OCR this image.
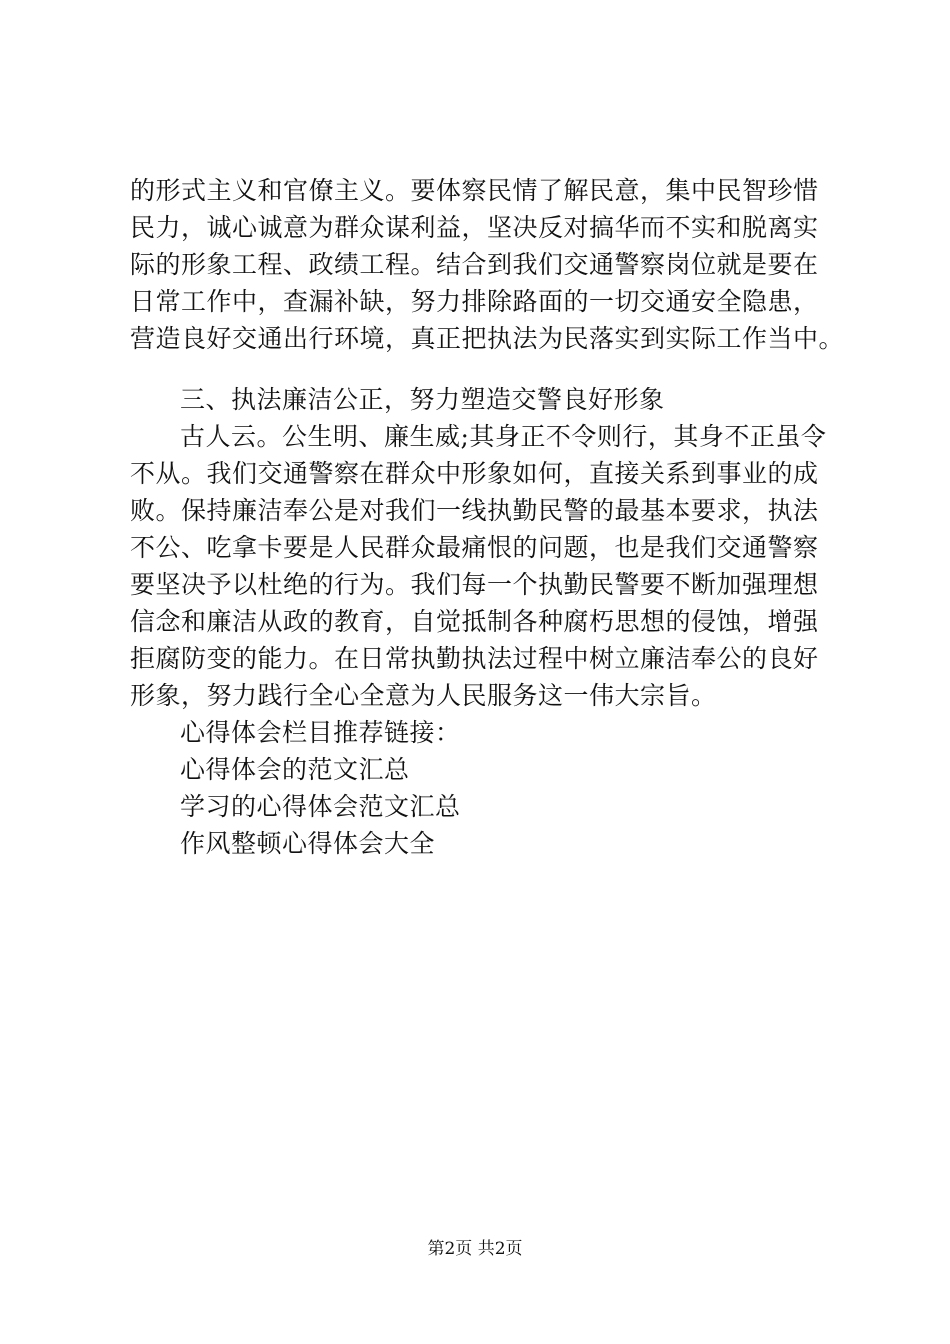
的形式主义和官僚主义。要体察民情了解民意，集中民智珍惜
民力，诚心诚意为群众谋利益，坚决反对搞华而不实和脱离实
际的形象工程、政绩工程。结合到我们交通警察岗位就是要在
日常工作中，查漏补缺，努力排除路面的一切交通安全隐患，
营造良好交通出行环境，真正把执法为民落实到实际工作当中。
三、执法廉洁公正，努力塑造交警良好形象
古人云。公生明、廉生威;其身正不令则行，其身不正虽令
不从。我们交通警察在群众中形象如何，直接关系到事业的成
败。保持廉洁奉公是对我们一线执勤民警的最基本要求，执法
不公、吃拿卡要是人民群众最痛恨的问题，也是我们交通警察
要坚决予以杜绝的行为。我们每一个执勤民警要不断加强理想
信念和廉洁从政的教育，自觉抵制各种腐朽思想的侵蚀，增强
拒腐防变的能力。在日常执勤执法过程中树立廉洁奉公的良好
形象，努力践行全心全意为人民服务这一伟大宗旨。
心得体会栏目推荐链接：
心得体会的范文汇总
学习的心得体会范文汇总
作风整顿心得体会大全
第2页 共2页
